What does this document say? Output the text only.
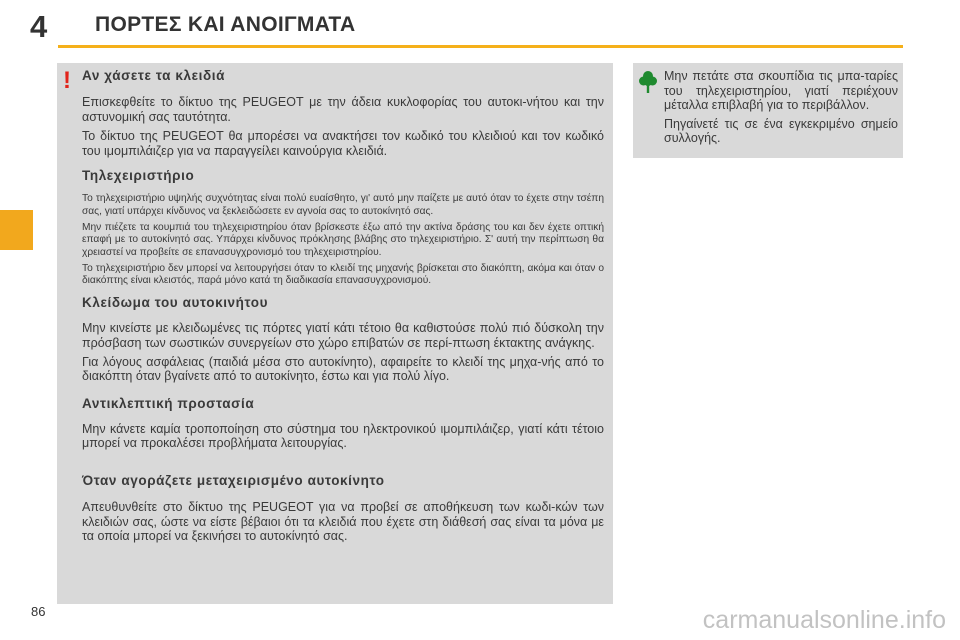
4 ΠΟΡΤΕΣ ΚΑΙ ΑΝΟΙΓΜΑΤΑ
! Αν χάσετε τα κλειδιά

Επισκεφθείτε το δίκτυο της PEUGEOT με την άδεια κυκλοφορίας του αυτοκι-νήτου και την αστυνομική σας ταυτότητα.

Το δίκτυο της PEUGEOT θα μπορέσει να ανακτήσει τον κωδικό του κλειδιού και τον κωδικό του ιμομπιλάιζερ για να παραγγείλει καινούργια κλειδιά.

Τηλεχειριστήριο

Το τηλεχειριστήριο υψηλής συχνότητας είναι πολύ ευαίσθητο, γι' αυτό μην παίζετε με αυτό όταν το έχετε στην τσέπη σας, γιατί υπάρχει κίνδυνος να ξεκλειδώσετε εν αγνοία σας το αυτοκίνητό σας.

Μην πιέζετε τα κουμπιά του τηλεχειριστηρίου όταν βρίσκεστε έξω από την ακτίνα δράσης του και δεν έχετε οπτική επαφή με το αυτοκίνητό σας. Υπάρχει κίνδυνος πρόκλησης βλάβης στο τηλεχειριστήριο. Σ' αυτή την περίπτωση θα χρειαστεί να προβείτε σε επανασυγχρονισμό του τηλεχειριστηρίου.

Το τηλεχειριστήριο δεν μπορεί να λειτουργήσει όταν το κλειδί της μηχανής βρίσκεται στο διακόπτη, ακόμα και όταν ο διακόπτης είναι κλειστός, παρά μόνο κατά τη διαδικασία επανασυγχρονισμού.

Κλείδωμα του αυτοκινήτου

Μην κινείστε με κλειδωμένες τις πόρτες γιατί κάτι τέτοιο θα καθιστούσε πολύ πιό δύσκολη την πρόσβαση των σωστικών συνεργείων στο χώρο επιβατών σε περί-πτωση έκτακτης ανάγκης.

Για λόγους ασφάλειας (παιδιά μέσα στο αυτοκίνητο), αφαιρείτε το κλειδί της μηχα-νής από το διακόπτη όταν βγαίνετε από το αυτοκίνητο, έστω και για πολύ λίγο.

Αντικλεπτική προστασία

Μην κάνετε καμία τροποποίηση στο σύστημα του ηλεκτρονικού ιμομπιλάιζερ, γιατί κάτι τέτοιο μπορεί να προκαλέσει προβλήματα λειτουργίας.

Όταν αγοράζετε μεταχειρισμένο αυτοκίνητο

Απευθυνθείτε στο δίκτυο της PEUGEOT για να προβεί σε αποθήκευση των κωδι-κών των κλειδιών σας, ώστε να είστε βέβαιοι ότι τα κλειδιά που έχετε στη διάθεσή σας είναι τα μόνα με τα οποία μπορεί να ξεκινήσει το αυτοκίνητό σας.

Μην πετάτε στα σκουπίδια τις μπα-ταρίες του τηλεχειριστηρίου, γιατί περιέχουν μέταλλα επιβλαβή για το περιβάλλον.

Πηγαίνετέ τις σε ένα εγκεκριμένο σημείο συλλογής.

86	carmanualsonline.info
